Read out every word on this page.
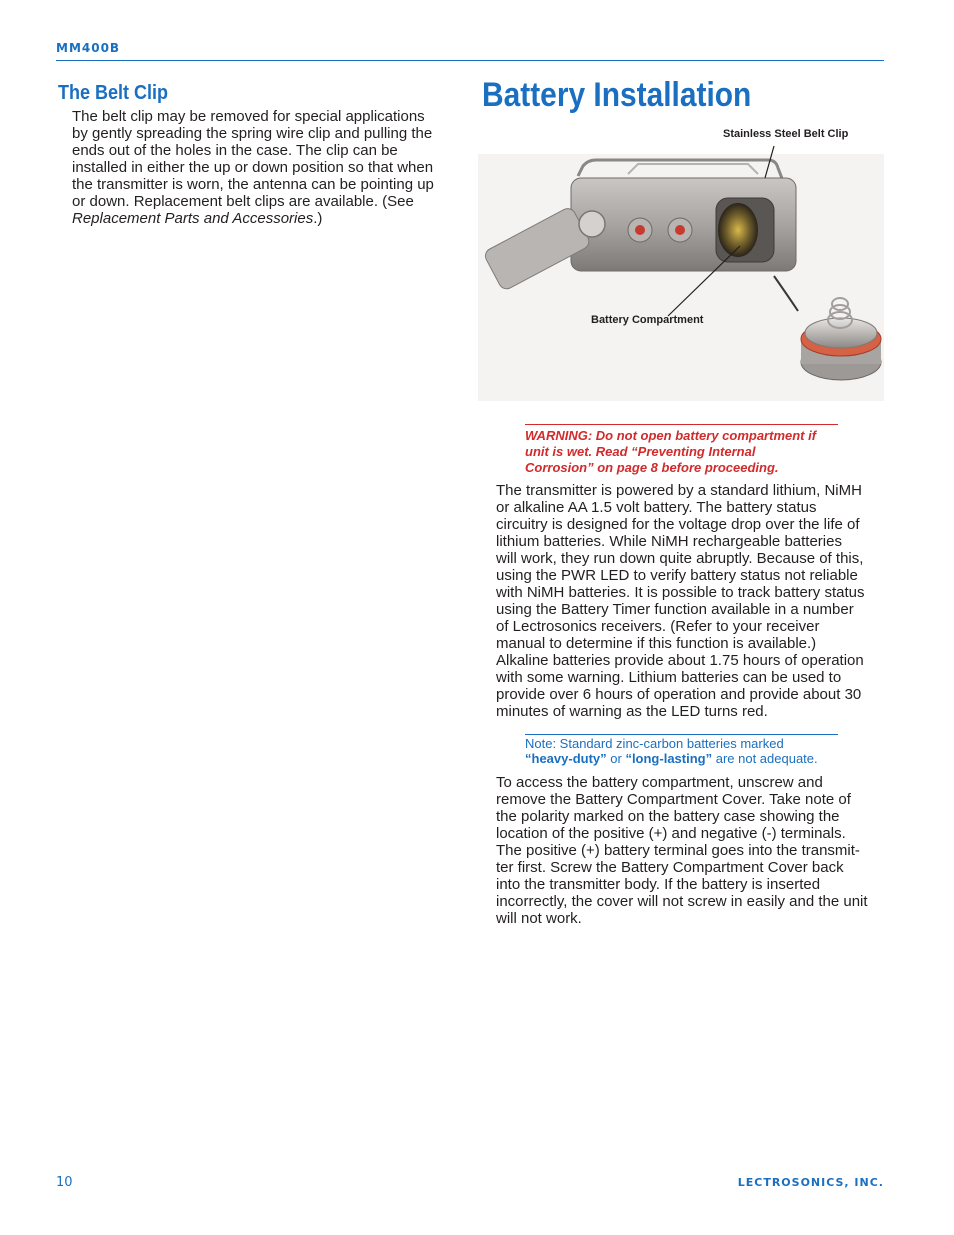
MM400B
The Belt Clip
The belt clip may be removed for special applications
by gently spreading the spring wire clip and pulling the
ends out of the holes in the case. The clip can be
installed in either the up or down position so that when
the transmitter is worn, the antenna can be pointing up
or down. Replacement belt clips are available. (See
Replacement Parts and Accessories.)
Battery Installation
Stainless Steel Belt Clip
Battery Compartment
WARNING: Do not open battery compartment if
unit is wet. Read “Preventing Internal
Corrosion” on page 8 before proceeding.
The transmitter is powered by a standard lithium, NiMH
or alkaline AA 1.5 volt battery. The battery status
circuitry is designed for the voltage drop over the life of
lithium batteries. While NiMH rechargeable batteries
will work, they run down quite abruptly. Because of this,
using the PWR LED to verify battery status not reliable
with NiMH batteries. It is possible to track battery status
using the Battery Timer function available in a number
of Lectrosonics receivers. (Refer to your receiver
manual to determine if this function is available.)
Alkaline batteries provide about 1.75 hours of operation
with some warning. Lithium batteries can be used to
provide over 6 hours of operation and provide about 30
minutes of warning as the LED turns red.
Note: Standard zinc-carbon batteries marked
“heavy-duty” or “long-lasting” are not adequate.
To access the battery compartment, unscrew and
remove the Battery Compartment Cover. Take note of
the polarity marked on the battery case showing the
location of the positive (+) and negative (-) terminals.
The positive (+) battery terminal goes into the transmit-
ter first. Screw the Battery Compartment Cover back
into the transmitter body. If the battery is inserted
incorrectly, the cover will not screw in easily and the unit
will not work.
10	LECTROSONICS, INC.
